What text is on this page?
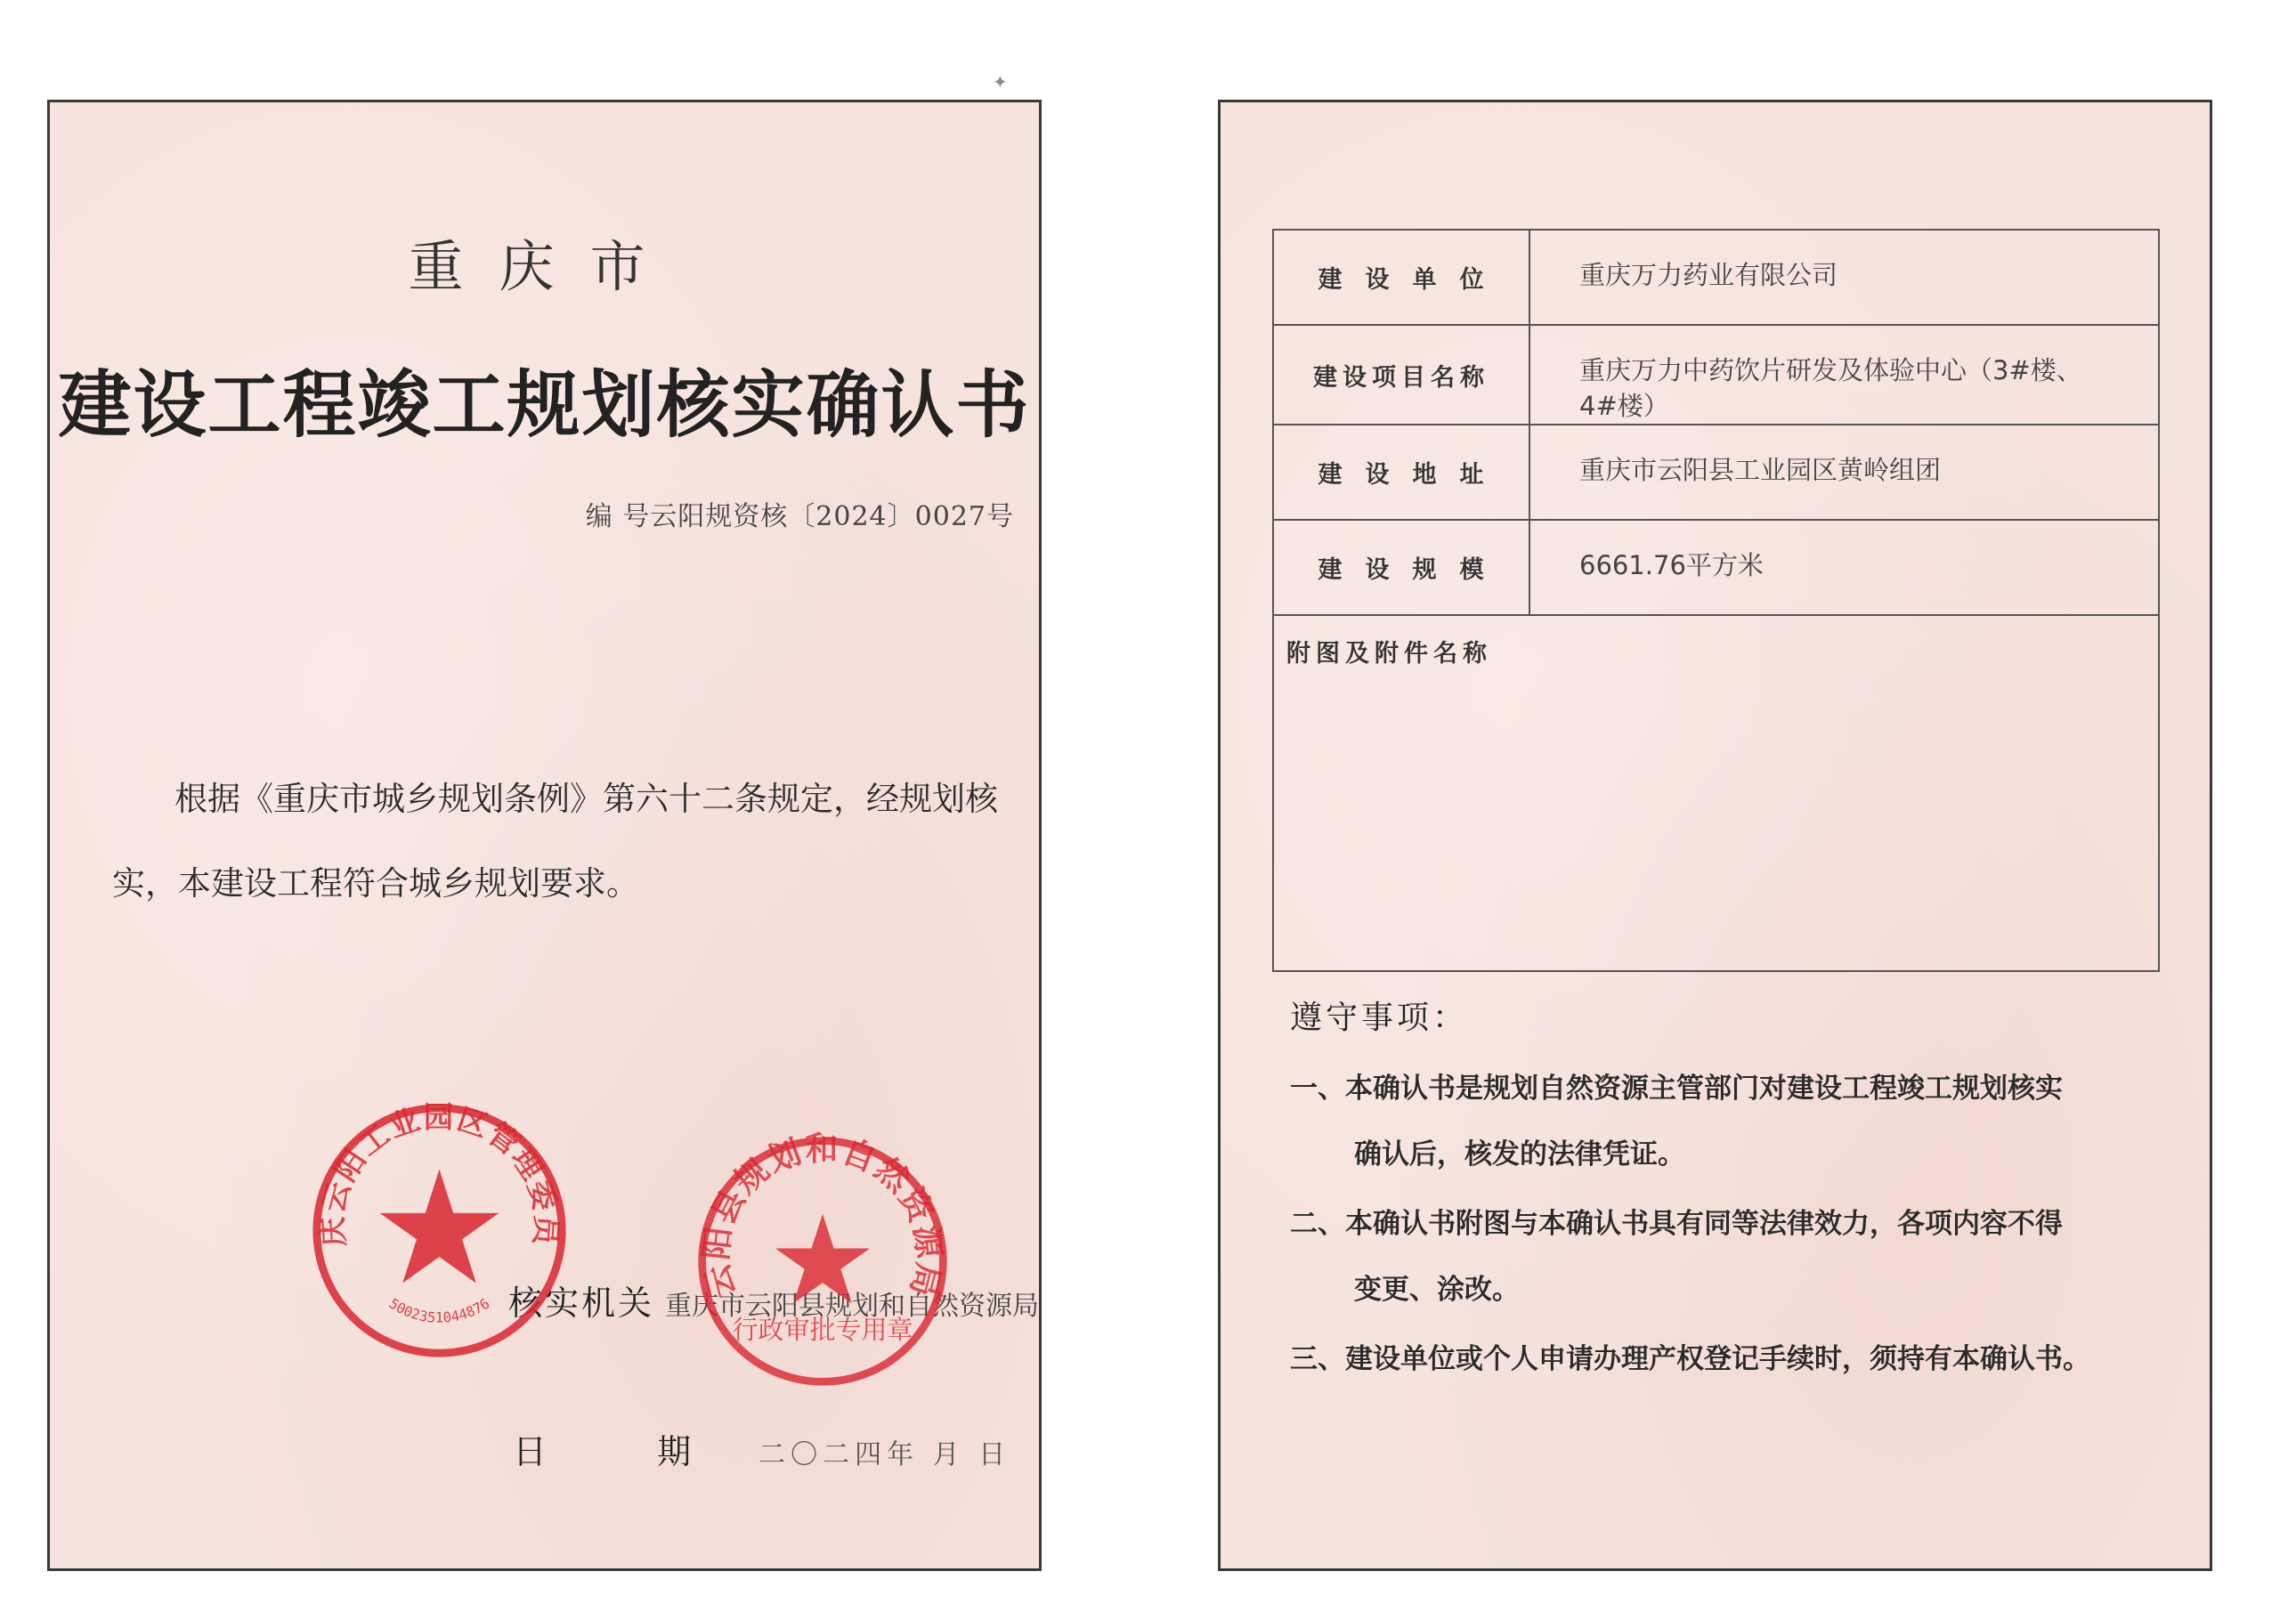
✦
重庆市
建设工程竣工规划核实确认书
编 号云阳规资核〔2024〕0027号
根据《重庆市城乡规划条例》第六十二条规定，经规划核实，本建设工程符合城乡规划要求。
核实机关 重庆市云阳县规划和自然资源局
日 期 二〇二四年 月 日
重庆云阳工业园区管理委员会
5002351044876
云阳县规划和自然资源局
行政审批专用章
建设单位	重庆万力药业有限公司
建设项目名称	重庆万力中药饮片研发及体验中心（3#楼、4#楼）
建设地址	重庆市云阳县工业园区黄岭组团
建设规模	6661.76平方米
附图及附件名称	
遵守事项：
一、本确认书是规划自然资源主管部门对建设工程竣工规划核实
确认后，核发的法律凭证。
二、本确认书附图与本确认书具有同等法律效力，各项内容不得
变更、涂改。
三、建设单位或个人申请办理产权登记手续时，须持有本确认书。
